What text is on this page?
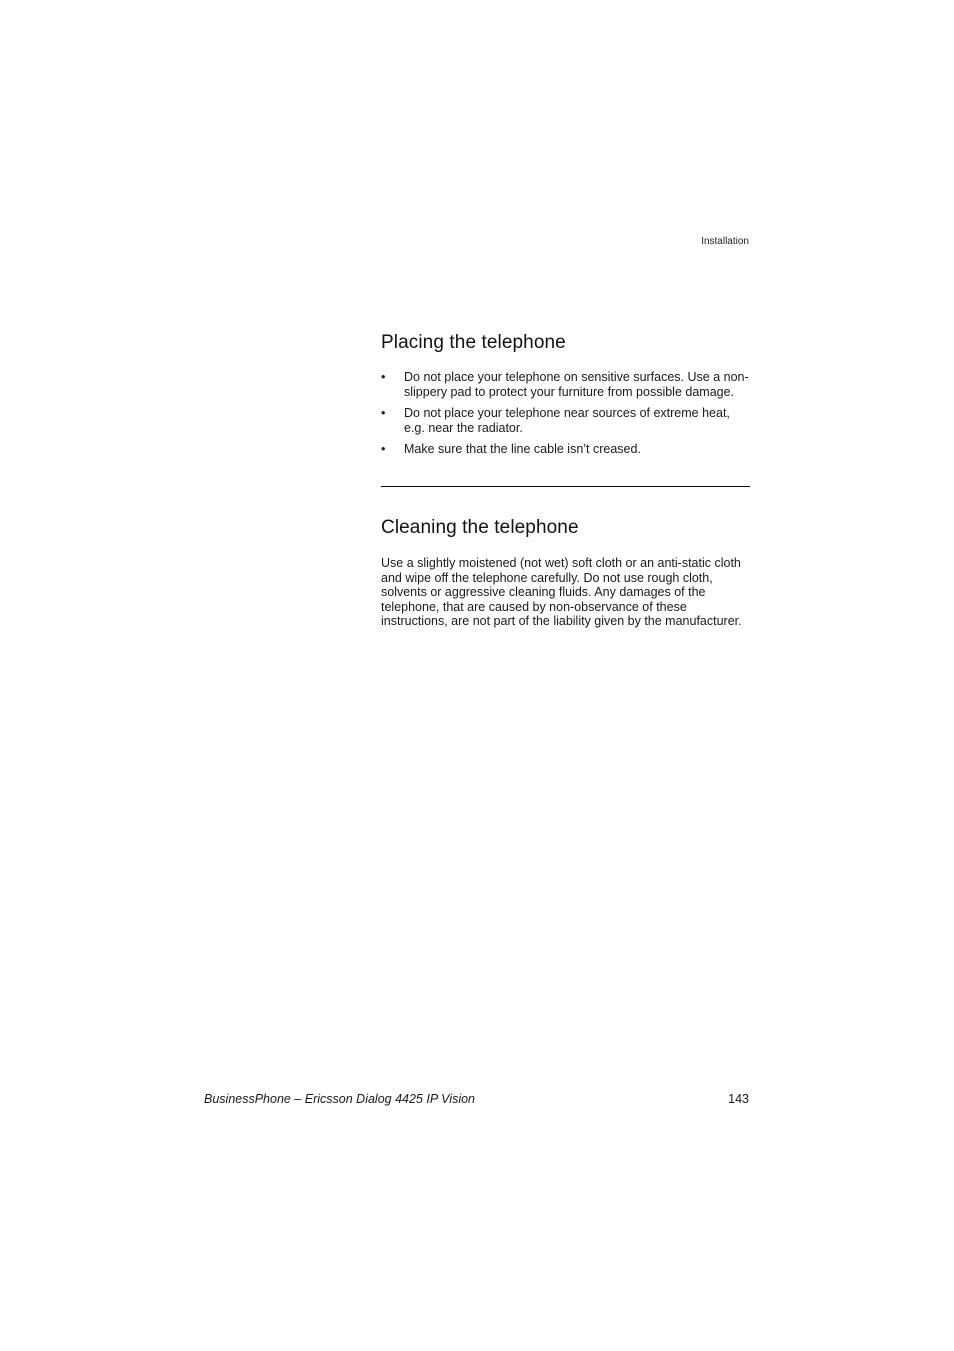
Installation
Placing the telephone
• Do not place your telephone on sensitive surfaces. Use a non-slippery pad to protect your furniture from possible damage.
• Do not place your telephone near sources of extreme heat, e.g. near the radiator.
• Make sure that the line cable isn’t creased.
Cleaning the telephone

Use a slightly moistened (not wet) soft cloth or an anti-static cloth and wipe off the telephone carefully. Do not use rough cloth, solvents or aggressive cleaning fluids. Any damages of the telephone, that are caused by non-observance of these instructions, are not part of the liability given by the manufacturer.

BusinessPhone – Ericsson Dialog 4425 IP Vision	143
